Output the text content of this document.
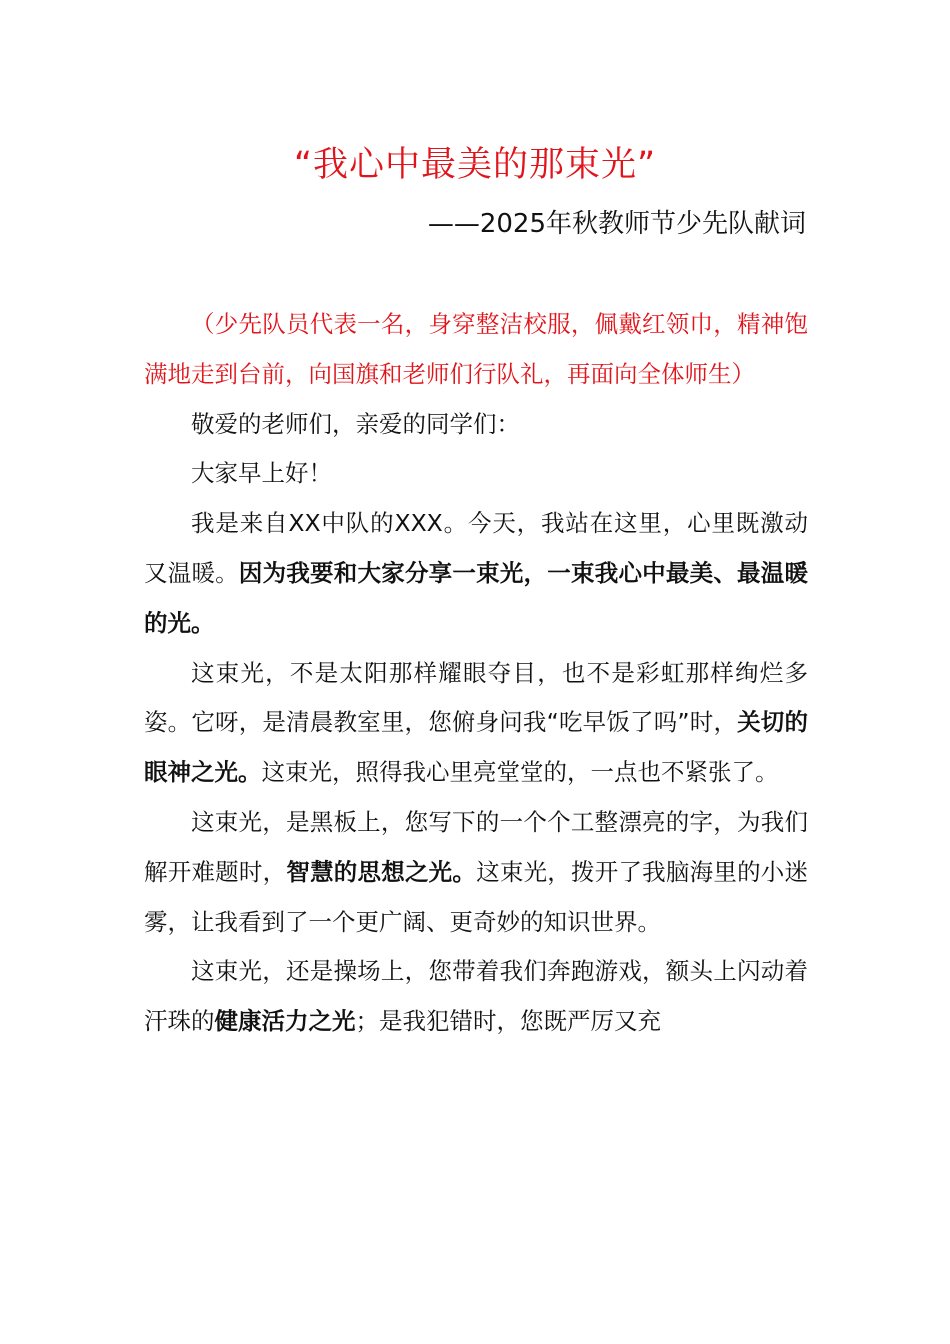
“我心中最美的那束光”
——2025年秋教师节少先队献词

（少先队员代表一名，身穿整洁校服，佩戴红领巾，精神饱满地走到台前，向国旗和老师们行队礼，再面向全体师生）

敬爱的老师们，亲爱的同学们：

大家早上好！

我是来自XX中队的XXX。今天，我站在这里，心里既激动又温暖。因为我要和大家分享一束光，一束我心中最美、最温暖的光。

这束光，不是太阳那样耀眼夺目，也不是彩虹那样绚烂多姿。它呀，是清晨教室里，您俯身问我“吃早饭了吗”时，关切的眼神之光。这束光，照得我心里亮堂堂的，一点也不紧张了。

这束光，是黑板上，您写下的一个个工整漂亮的字，为我们解开难题时，智慧的思想之光。这束光，拨开了我脑海里的小迷雾，让我看到了一个更广阔、更奇妙的知识世界。

这束光，还是操场上，您带着我们奔跑游戏，额头上闪动着汗珠的健康活力之光；是我犯错时，您既严厉又充
